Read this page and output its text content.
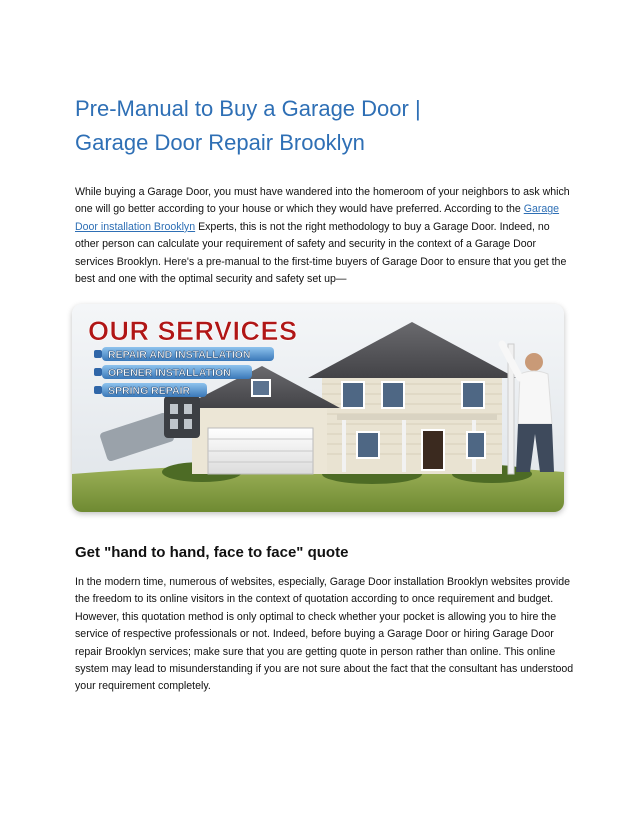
Pre-Manual to Buy a Garage Door |
Garage Door Repair Brooklyn

While buying a Garage Door, you must have wandered into the homeroom of your neighbors to ask which one will go better according to your house or which they would have preferred. According to the Garage Door installation Brooklyn Experts, this is not the right methodology to buy a Garage Door. Indeed, no other person can calculate your requirement of safety and security in the context of a Garage Door services Brooklyn. Here's a pre-manual to the first-time buyers of Garage Door to ensure that you get the best and one with the optimal security and safety set up—

OUR SERVICES
REPAIR AND INSTALLATION
OPENER INSTALLATION
SPRING REPAIR
Get "hand to hand, face to face" quote

In the modern time, numerous of websites, especially, Garage Door installation Brooklyn websites provide the freedom to its online visitors in the context of quotation according to once requirement and budget. However, this quotation method is only optimal to check whether your pocket is allowing you to hire the service of respective professionals or not. Indeed, before buying a Garage Door or hiring Garage Door repair Brooklyn services; make sure that you are getting quote in person rather than online. This online system may lead to misunderstanding if you are not sure about the fact that the consultant has understood your requirement completely.
